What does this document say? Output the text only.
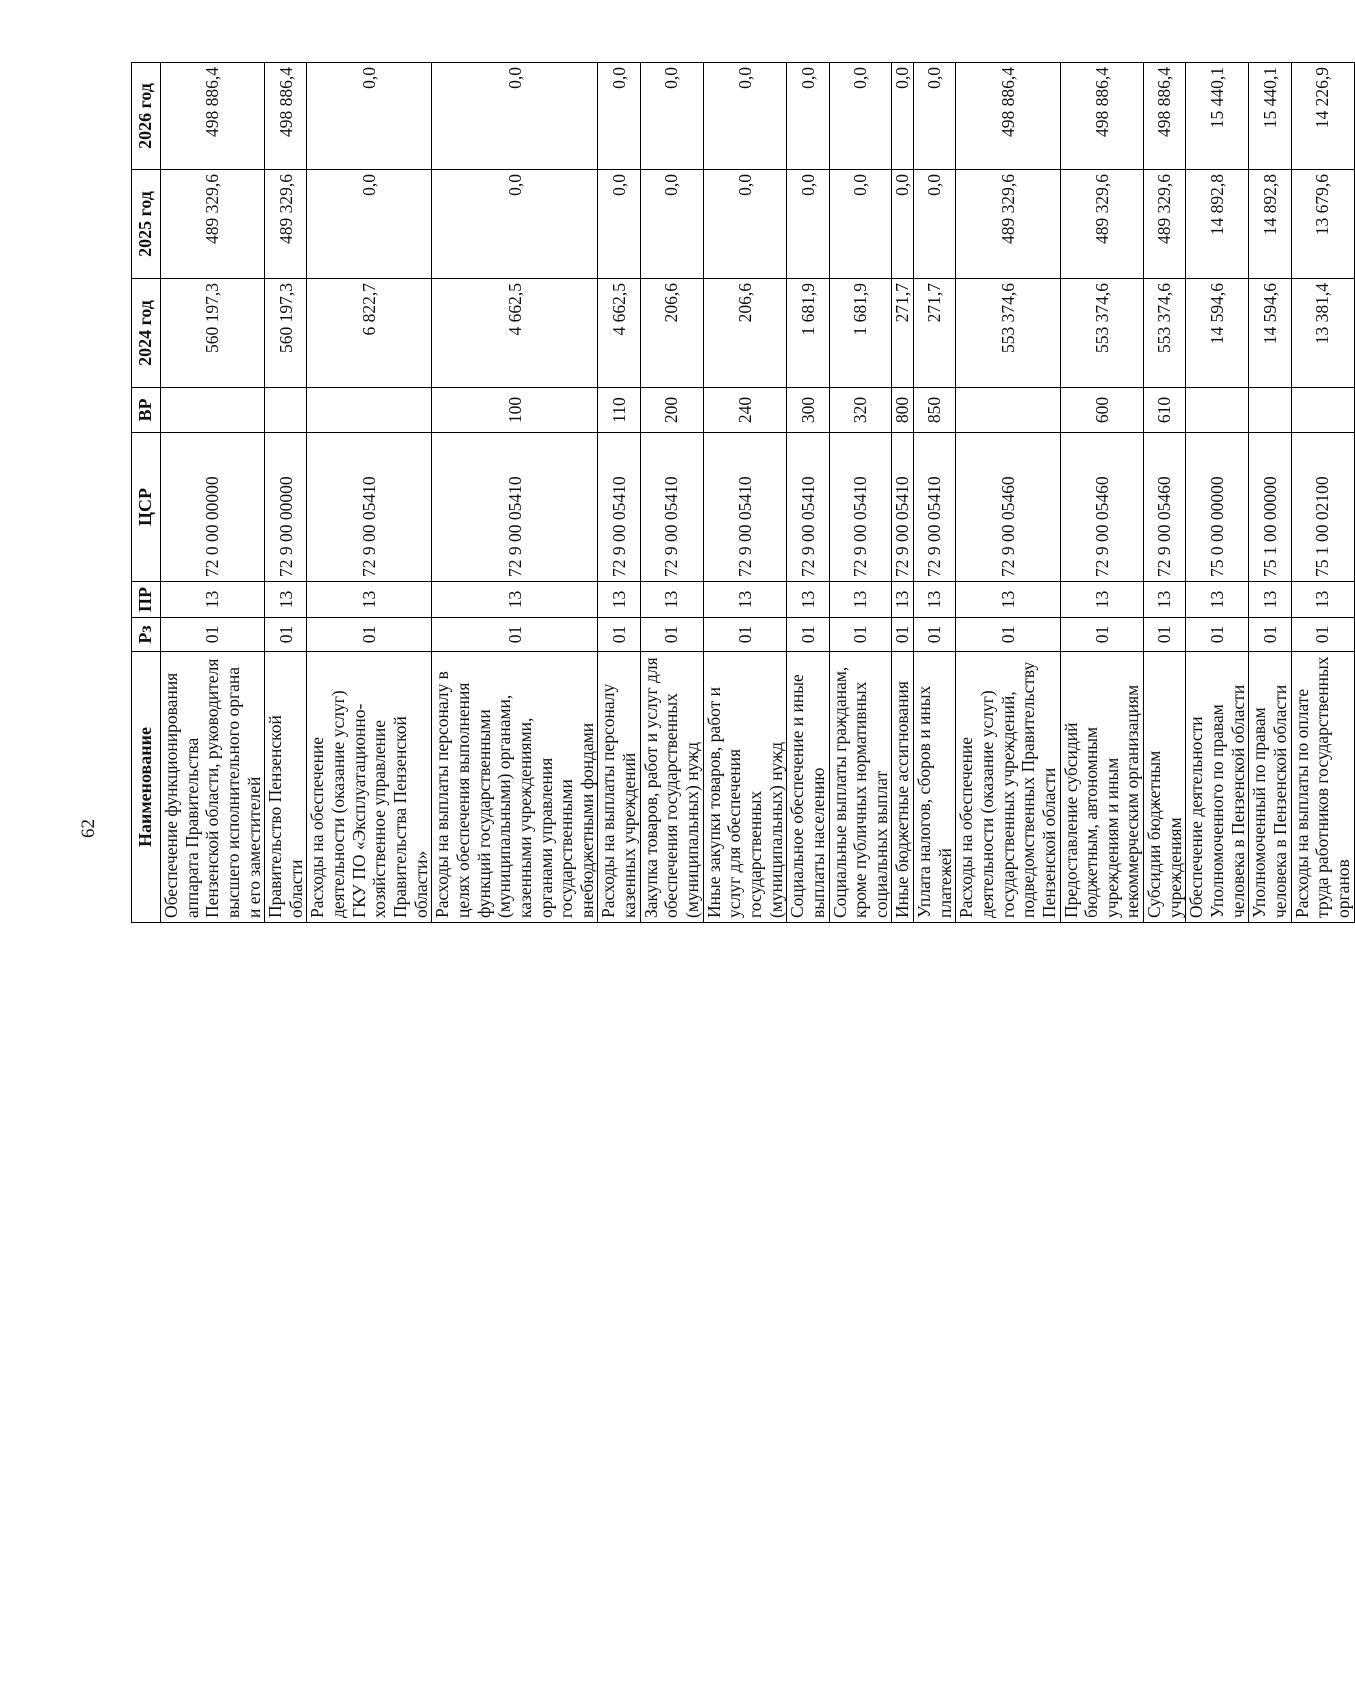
62 Наименование	Рз	ПР	ЦСР	ВР	2024 год	2025 год	2026 год
Обеспечение функционирования аппарата Правительства Пензенской области, руководителя высшего исполнительного органа и его заместителей	01	13	72 0 00 00000		560 197,3	489 329,6	498 886,4
Правительство Пензенской области	01	13	72 9 00 00000		560 197,3	489 329,6	498 886,4
Расходы на обеспечение деятельности (оказание услуг) ГКУ ПО «Эксплуатационно-хозяйственное управление Правительства Пензенской области»	01	13	72 9 00 05410		6 822,7	0,0	0,0
Расходы на выплаты персоналу в целях обеспечения выполнения функций государственными (муниципальными) органами, казенными учреждениями, органами управления государственными внебюджетными фондами	01	13	72 9 00 05410	100	4 662,5	0,0	0,0
Расходы на выплаты персоналу казенных учреждений	01	13	72 9 00 05410	110	4 662,5	0,0	0,0
Закупка товаров, работ и услуг для обеспечения государственных (муниципальных) нужд	01	13	72 9 00 05410	200	206,6	0,0	0,0
Иные закупки товаров, работ и услуг для обеспечения государственных (муниципальных) нужд	01	13	72 9 00 05410	240	206,6	0,0	0,0
Социальное обеспечение и иные выплаты населению	01	13	72 9 00 05410	300	1 681,9	0,0	0,0
Социальные выплаты гражданам, кроме публичных нормативных социальных выплат	01	13	72 9 00 05410	320	1 681,9	0,0	0,0
Иные бюджетные ассигнования	01	13	72 9 00 05410	800	271,7	0,0	0,0
Уплата налогов, сборов и иных платежей	01	13	72 9 00 05410	850	271,7	0,0	0,0
Расходы на обеспечение деятельности (оказание услуг) государственных учреждений, подведомственных Правительству Пензенской области	01	13	72 9 00 05460		553 374,6	489 329,6	498 886,4
Предоставление субсидий бюджетным, автономным учреждениям и иным некоммерческим организациям	01	13	72 9 00 05460	600	553 374,6	489 329,6	498 886,4
Субсидии бюджетным учреждениям	01	13	72 9 00 05460	610	553 374,6	489 329,6	498 886,4
Обеспечение деятельности Уполномоченного по правам человека в Пензенской области	01	13	75 0 00 00000		14 594,6	14 892,8	15 440,1
Уполномоченный по правам человека в Пензенской области	01	13	75 1 00 00000		14 594,6	14 892,8	15 440,1
Расходы на выплаты по оплате труда работников государственных органов	01	13	75 1 00 02100		13 381,4	13 679,6	14 226,9
